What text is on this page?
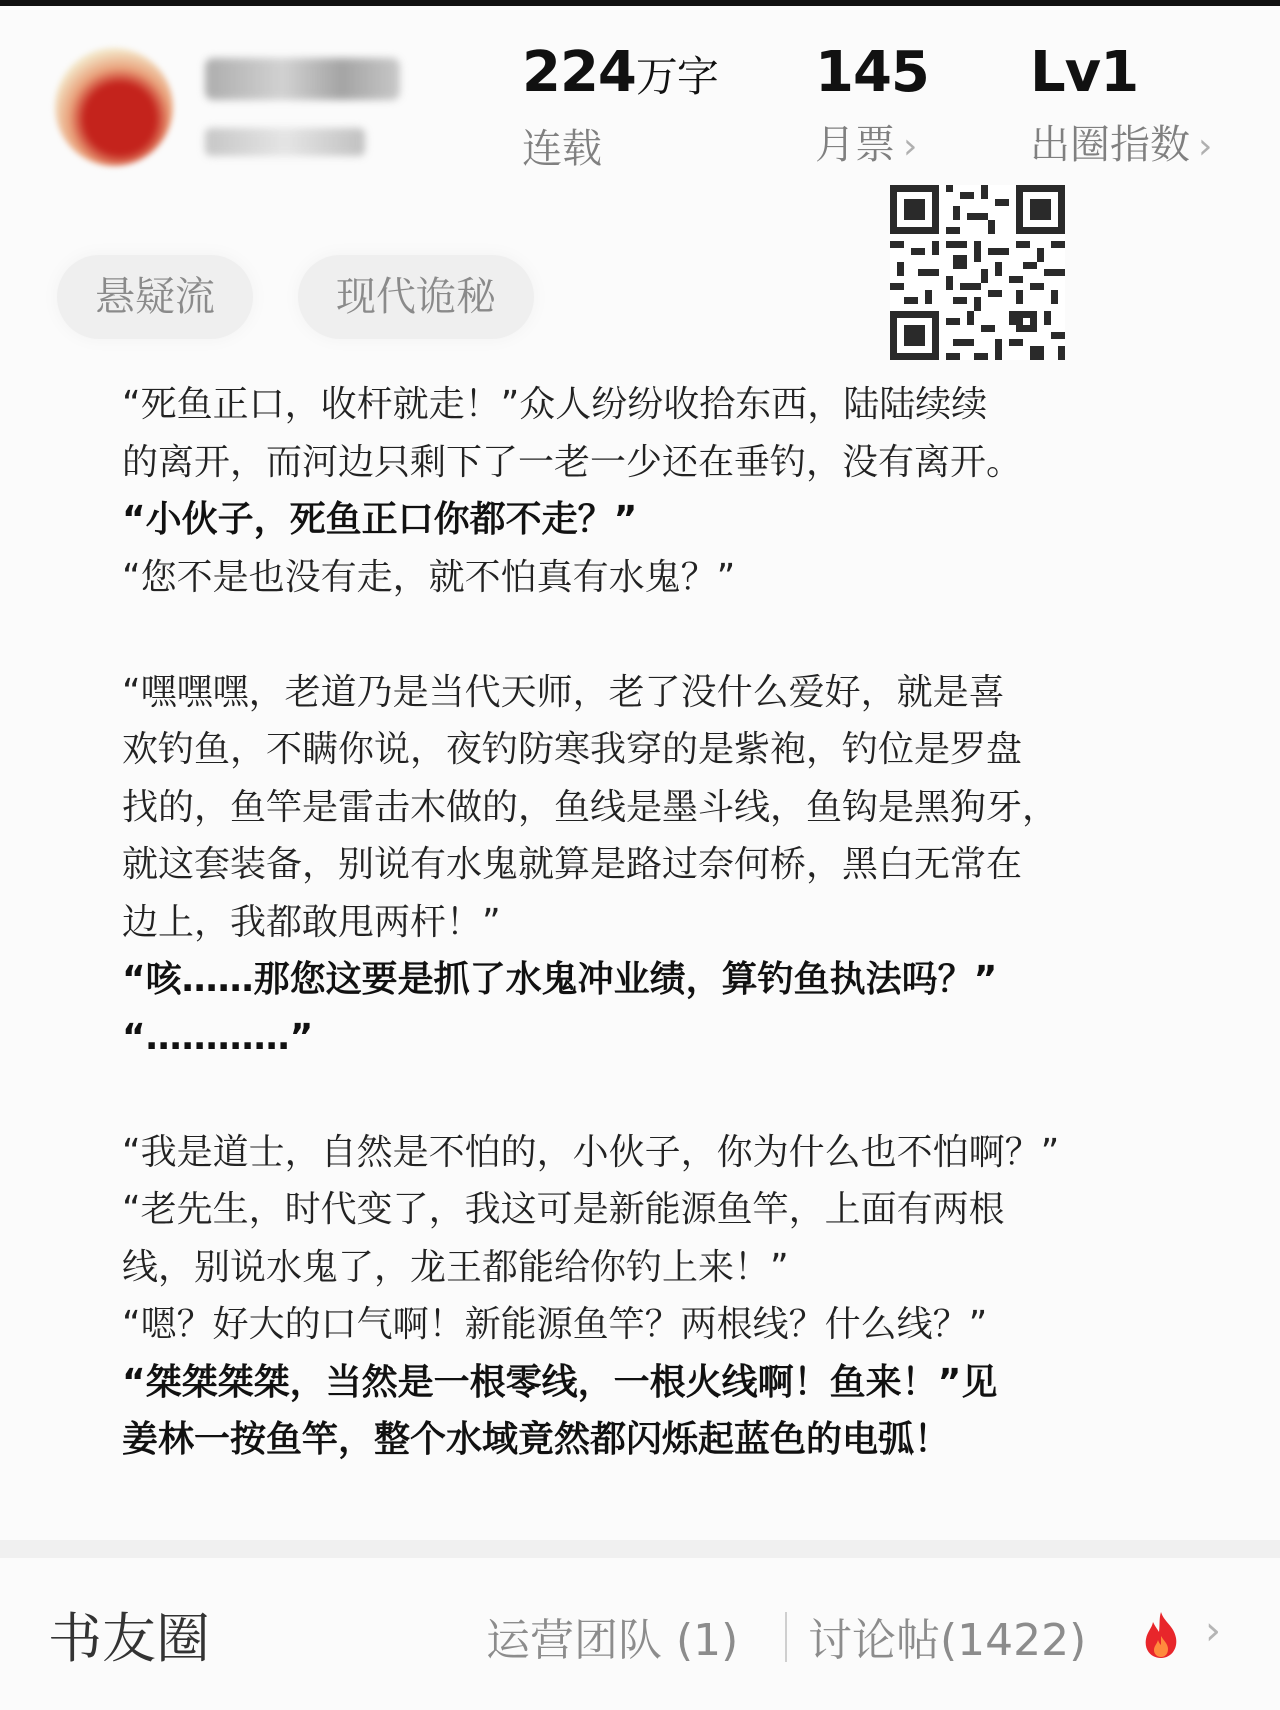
224万字
连载
145
月票 ›
Lv1
出圈指数 ›
悬疑流	现代诡秘
“死鱼正口，收杆就走！”众人纷纷收拾东西，陆陆续续
的离开，而河边只剩下了一老一少还在垂钓，没有离开。
“小伙子，死鱼正口你都不走？”
“您不是也没有走，就不怕真有水鬼？”
“嘿嘿嘿，老道乃是当代天师，老了没什么爱好，就是喜
欢钓鱼，不瞒你说，夜钓防寒我穿的是紫袍，钓位是罗盘
找的，鱼竿是雷击木做的，鱼线是墨斗线，鱼钩是黑狗牙，
就这套装备，别说有水鬼就算是路过奈何桥，黑白无常在
边上，我都敢甩两杆！”
“咳……那您这要是抓了水鬼冲业绩，算钓鱼执法吗？”
“…………”
“我是道士，自然是不怕的，小伙子，你为什么也不怕啊？”
“老先生，时代变了，我这可是新能源鱼竿，上面有两根
线，别说水鬼了，龙王都能给你钓上来！”
“嗯？好大的口气啊！新能源鱼竿？两根线？什么线？”
“桀桀桀桀，当然是一根零线，一根火线啊！鱼来！”见
姜林一按鱼竿，整个水域竟然都闪烁起蓝色的电弧！
书友圈	运营团队 (1) 讨论帖(1422)	›
